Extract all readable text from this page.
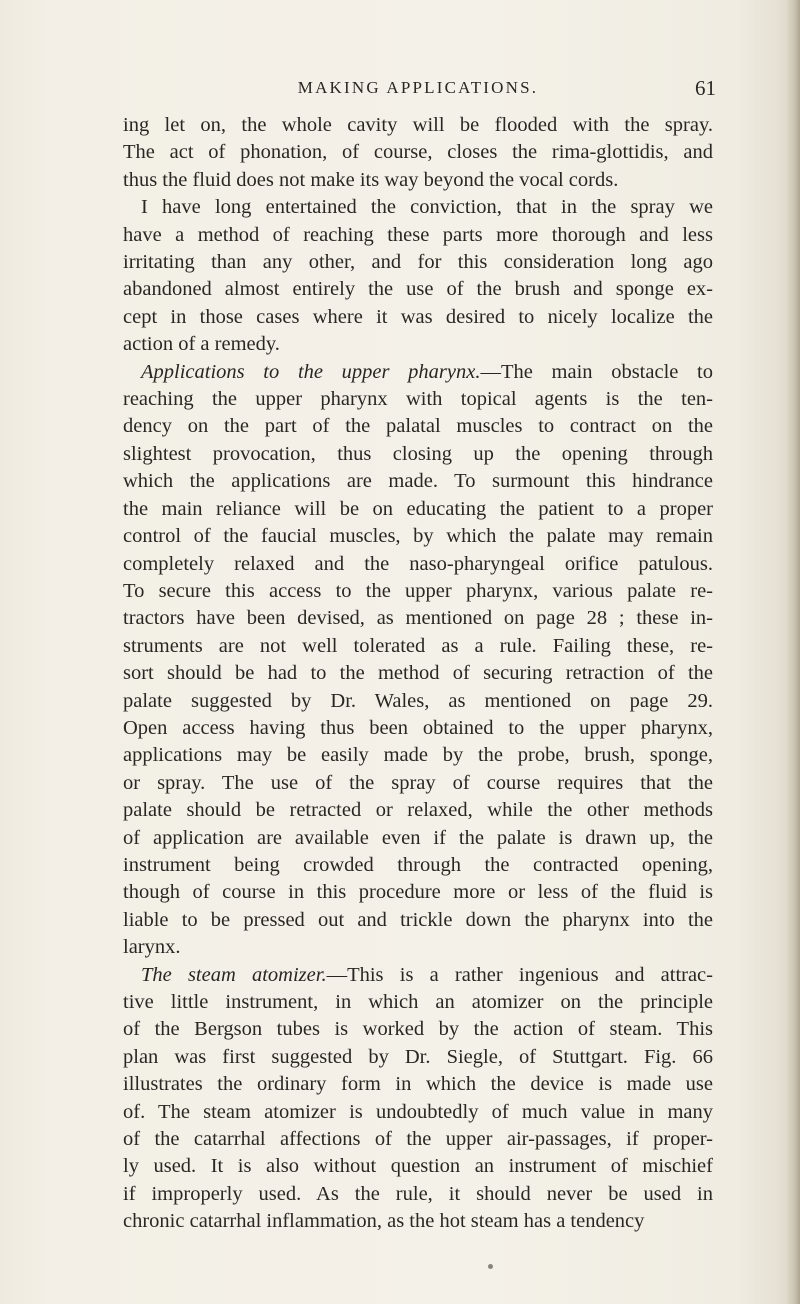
MAKING APPLICATIONS.	61
ing let on, the whole cavity will be flooded with the spray.
The act of phonation, of course, closes the rima-glottidis, and
thus the fluid does not make its way beyond the vocal cords.
I have long entertained the conviction, that in the spray we
have a method of reaching these parts more thorough and less
irritating than any other, and for this consideration long ago
abandoned almost entirely the use of the brush and sponge ex-
cept in those cases where it was desired to nicely localize the
action of a remedy.
Applications to the upper pharynx.—The main obstacle to
reaching the upper pharynx with topical agents is the ten-
dency on the part of the palatal muscles to contract on the
slightest provocation, thus closing up the opening through
which the applications are made. To surmount this hindrance
the main reliance will be on educating the patient to a proper
control of the faucial muscles, by which the palate may remain
completely relaxed and the naso-pharyngeal orifice patulous.
To secure this access to the upper pharynx, various palate re-
tractors have been devised, as mentioned on page 28 ; these in-
struments are not well tolerated as a rule. Failing these, re-
sort should be had to the method of securing retraction of the
palate suggested by Dr. Wales, as mentioned on page 29.
Open access having thus been obtained to the upper pharynx,
applications may be easily made by the probe, brush, sponge,
or spray. The use of the spray of course requires that the
palate should be retracted or relaxed, while the other methods
of application are available even if the palate is drawn up, the
instrument being crowded through the contracted opening,
though of course in this procedure more or less of the fluid is
liable to be pressed out and trickle down the pharynx into the
larynx.
The steam atomizer.—This is a rather ingenious and attrac-
tive little instrument, in which an atomizer on the principle
of the Bergson tubes is worked by the action of steam. This
plan was first suggested by Dr. Siegle, of Stuttgart. Fig. 66
illustrates the ordinary form in which the device is made use
of. The steam atomizer is undoubtedly of much value in many
of the catarrhal affections of the upper air-passages, if proper-
ly used. It is also without question an instrument of mischief
if improperly used. As the rule, it should never be used in
chronic catarrhal inflammation, as the hot steam has a tendency
